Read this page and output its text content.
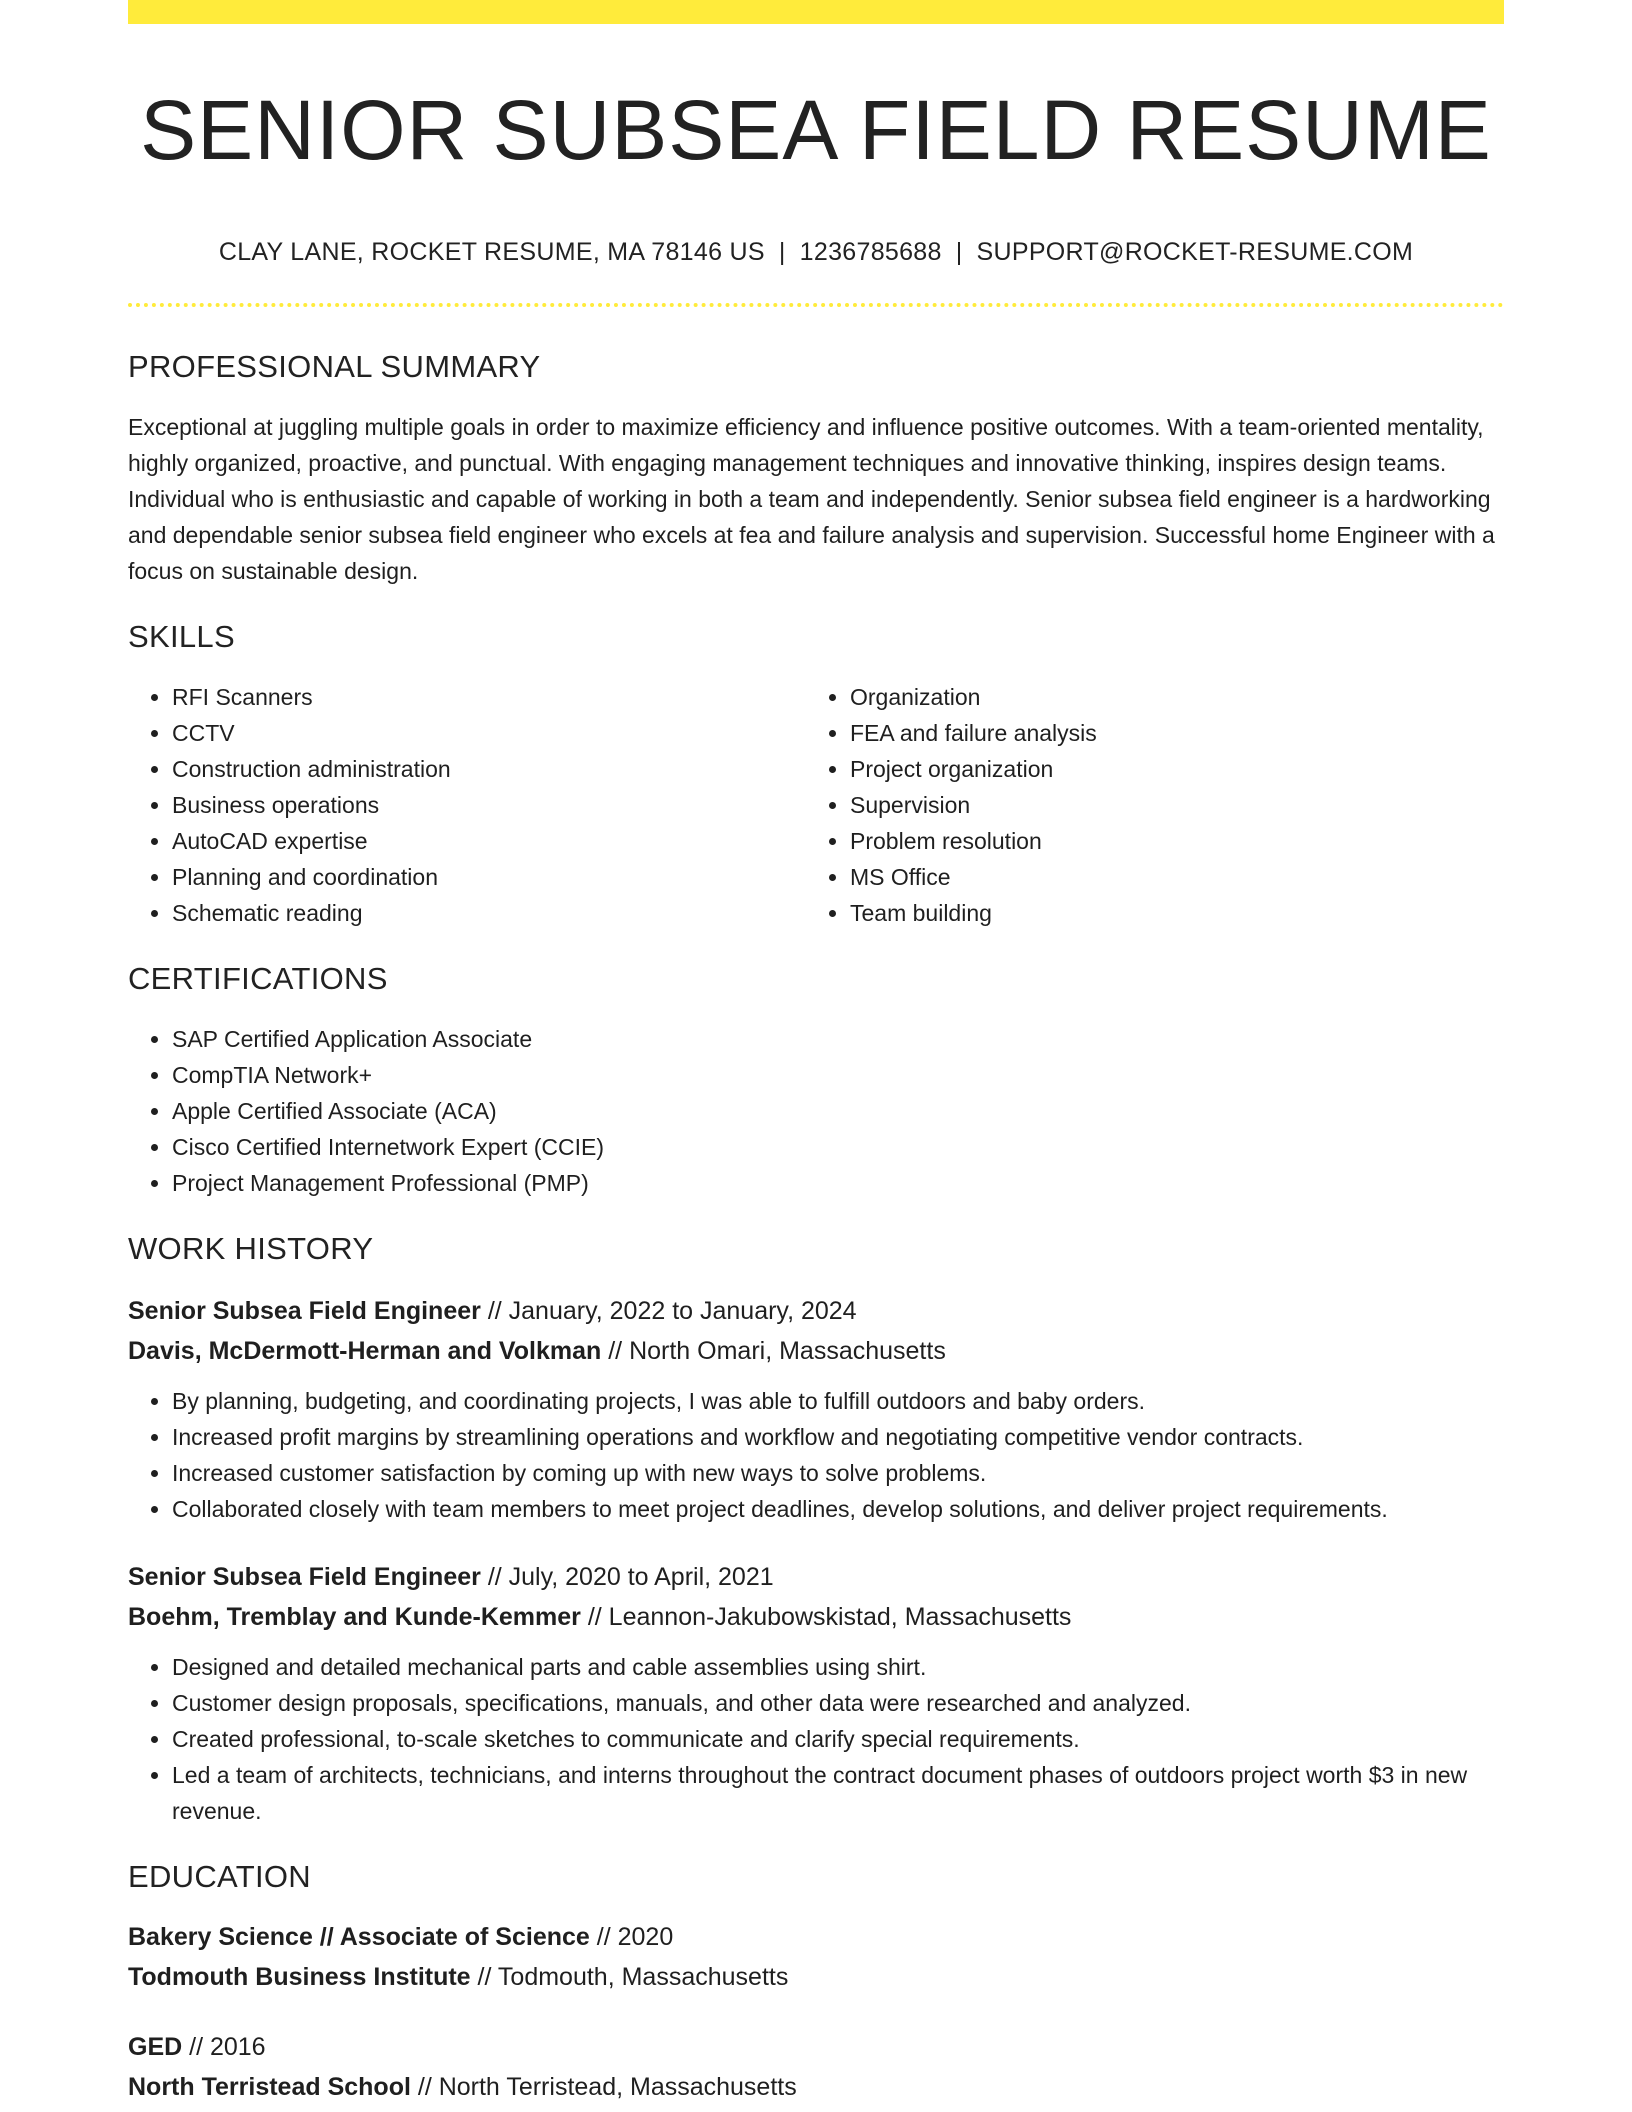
SENIOR SUBSEA FIELD RESUME
CLAY LANE, ROCKET RESUME, MA 78146 US | 1236785688 | SUPPORT@ROCKET-RESUME.COM
PROFESSIONAL SUMMARY
Exceptional at juggling multiple goals in order to maximize efficiency and influence positive outcomes. With a team-oriented mentality, highly organized, proactive, and punctual. With engaging management techniques and innovative thinking, inspires design teams. Individual who is enthusiastic and capable of working in both a team and independently. Senior subsea field engineer is a hardworking and dependable senior subsea field engineer who excels at fea and failure analysis and supervision. Successful home Engineer with a focus on sustainable design.
SKILLS
• RFI Scanners
• CCTV
• Construction administration
• Business operations
• AutoCAD expertise
• Planning and coordination
• Schematic reading
• Organization
• FEA and failure analysis
• Project organization
• Supervision
• Problem resolution
• MS Office
• Team building
CERTIFICATIONS
• SAP Certified Application Associate
• CompTIA Network+
• Apple Certified Associate (ACA)
• Cisco Certified Internetwork Expert (CCIE)
• Project Management Professional (PMP)
WORK HISTORY
Senior Subsea Field Engineer // January, 2022 to January, 2024
Davis, McDermott-Herman and Volkman // North Omari, Massachusetts
• By planning, budgeting, and coordinating projects, I was able to fulfill outdoors and baby orders.
• Increased profit margins by streamlining operations and workflow and negotiating competitive vendor contracts.
• Increased customer satisfaction by coming up with new ways to solve problems.
• Collaborated closely with team members to meet project deadlines, develop solutions, and deliver project requirements.
Senior Subsea Field Engineer // July, 2020 to April, 2021
Boehm, Tremblay and Kunde-Kemmer // Leannon-Jakubowskistad, Massachusetts
• Designed and detailed mechanical parts and cable assemblies using shirt.
• Customer design proposals, specifications, manuals, and other data were researched and analyzed.
• Created professional, to-scale sketches to communicate and clarify special requirements.
• Led a team of architects, technicians, and interns throughout the contract document phases of outdoors project worth $3 in new revenue.
EDUCATION
Bakery Science // Associate of Science // 2020
Todmouth Business Institute // Todmouth, Massachusetts
GED // 2016
North Terristead School // North Terristead, Massachusetts
